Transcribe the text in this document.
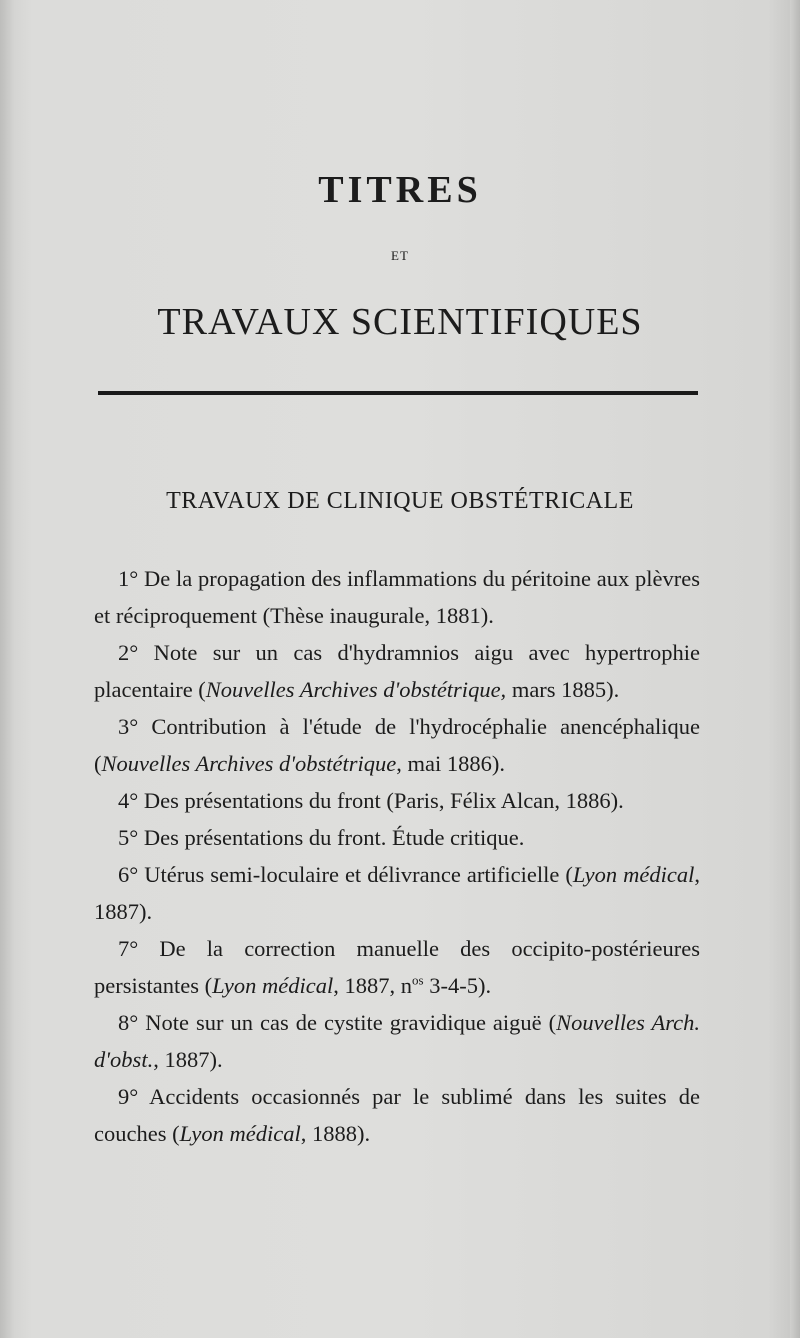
TITRES
ET
TRAVAUX SCIENTIFIQUES
TRAVAUX DE CLINIQUE OBSTÉTRICALE
1° De la propagation des inflammations du péritoine aux plèvres et réciproquement (Thèse inaugurale, 1881).
2° Note sur un cas d'hydramnios aigu avec hypertrophie placentaire (Nouvelles Archives d'obstétrique, mars 1885).
3° Contribution à l'étude de l'hydrocéphalie anencéphalique (Nouvelles Archives d'obstétrique, mai 1886).
4° Des présentations du front (Paris, Félix Alcan, 1886).
5° Des présentations du front. Étude critique.
6° Utérus semi-loculaire et délivrance artificielle (Lyon médical, 1887).
7° De la correction manuelle des occipito-postérieures persistantes (Lyon médical, 1887, $n^{os}$ 3-4-5).
8° Note sur un cas de cystite gravidique aiguë (Nouvelles Arch. d'obst., 1887).
9° Accidents occasionnés par le sublimé dans les suites de couches (Lyon médical, 1888).
